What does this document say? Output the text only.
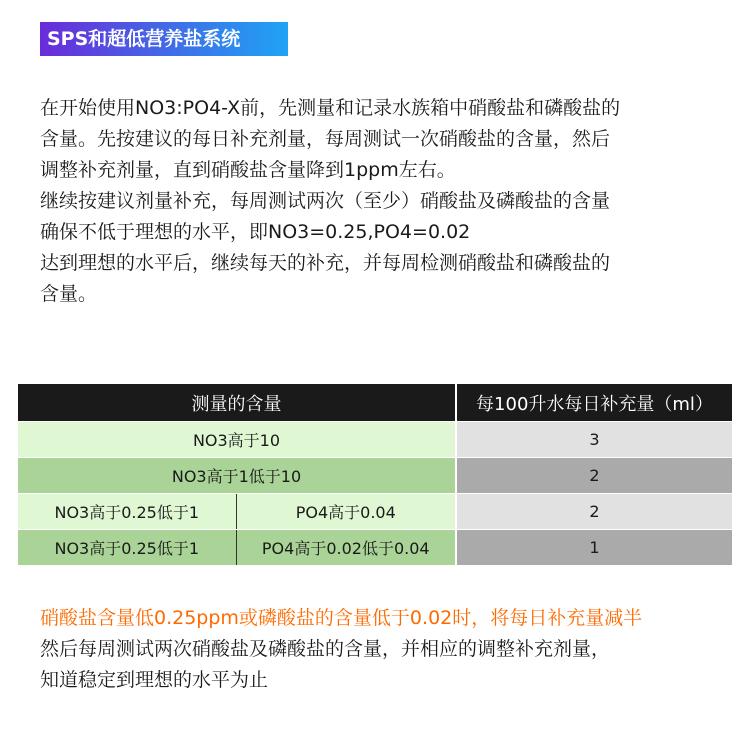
SPS和超低营养盐系统

在开始使用NO3:PO4-X前，先测量和记录水族箱中硝酸盐和磷酸盐的

含量。先按建议的每日补充剂量，每周测试一次硝酸盐的含量，然后

调整补充剂量，直到硝酸盐含量降到1ppm左右。

继续按建议剂量补充，每周测试两次（至少）硝酸盐及磷酸盐的含量

确保不低于理想的水平，即NO3=0.25,PO4=0.02

达到理想的水平后，继续每天的补充，并每周检测硝酸盐和磷酸盐的

含量。

测量的含量		每100升水每日补充量（ml）
NO3高于10		3
NO3高于1低于10		2
NO3高于0.25低于1	PO4高于0.04	2
NO3高于0.25低于1	PO4高于0.02低于0.04	1

硝酸盐含量低0.25ppm或磷酸盐的含量低于0.02时，将每日补充量减半

然后每周测试两次硝酸盐及磷酸盐的含量，并相应的调整补充剂量，

知道稳定到理想的水平为止
